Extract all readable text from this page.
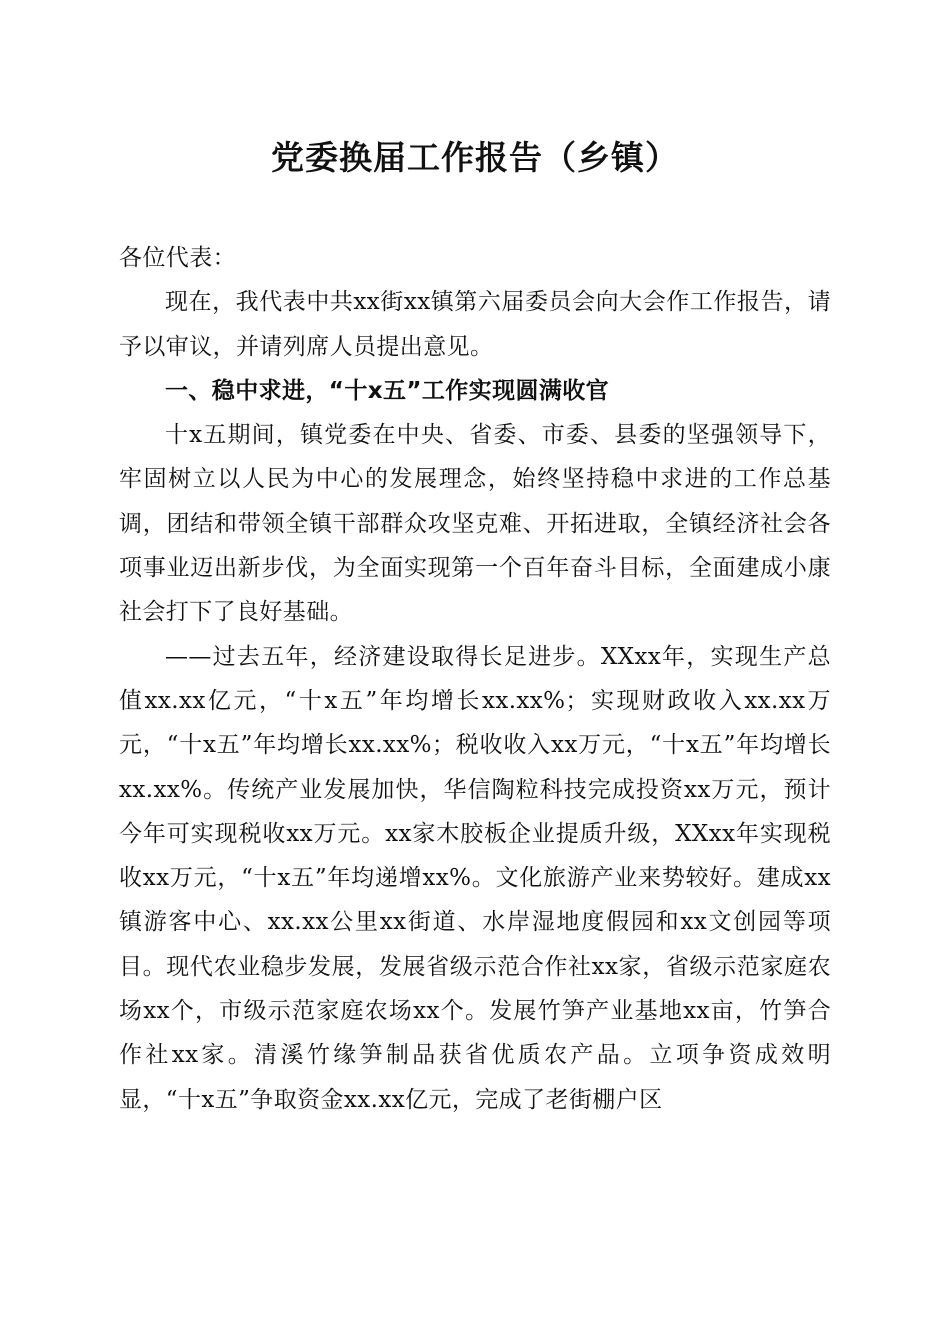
党委换届工作报告（乡镇）

各位代表：

现在，我代表中共xx街xx镇第六届委员会向大会作工作报告，请予以审议，并请列席人员提出意见。

一、稳中求进，“十x五”工作实现圆满收官

十x五期间，镇党委在中央、省委、市委、县委的坚强领导下，牢固树立以人民为中心的发展理念，始终坚持稳中求进的工作总基调，团结和带领全镇干部群众攻坚克难、开拓进取，全镇经济社会各项事业迈出新步伐，为全面实现第一个百年奋斗目标，全面建成小康社会打下了良好基础。

——过去五年，经济建设取得长足进步。XXxx年，实现生产总值xx.xx亿元，“十x五”年均增长xx.xx%；实现财政收入xx.xx万元，“十x五”年均增长xx.xx%；税收收入xx万元，“十x五”年均增长xx.xx%。传统产业发展加快，华信陶粒科技完成投资xx万元，预计今年可实现税收xx万元。xx家木胶板企业提质升级，XXxx年实现税收xx万元，“十x五”年均递增xx%。文化旅游产业来势较好。建成xx镇游客中心、xx.xx公里xx街道、水岸湿地度假园和xx文创园等项目。现代农业稳步发展，发展省级示范合作社xx家，省级示范家庭农场xx个，市级示范家庭农场xx个。发展竹笋产业基地xx亩，竹笋合作社xx家。清溪竹缘笋制品获省优质农产品。立项争资成效明显，“十x五”争取资金xx.xx亿元，完成了老街棚户区
